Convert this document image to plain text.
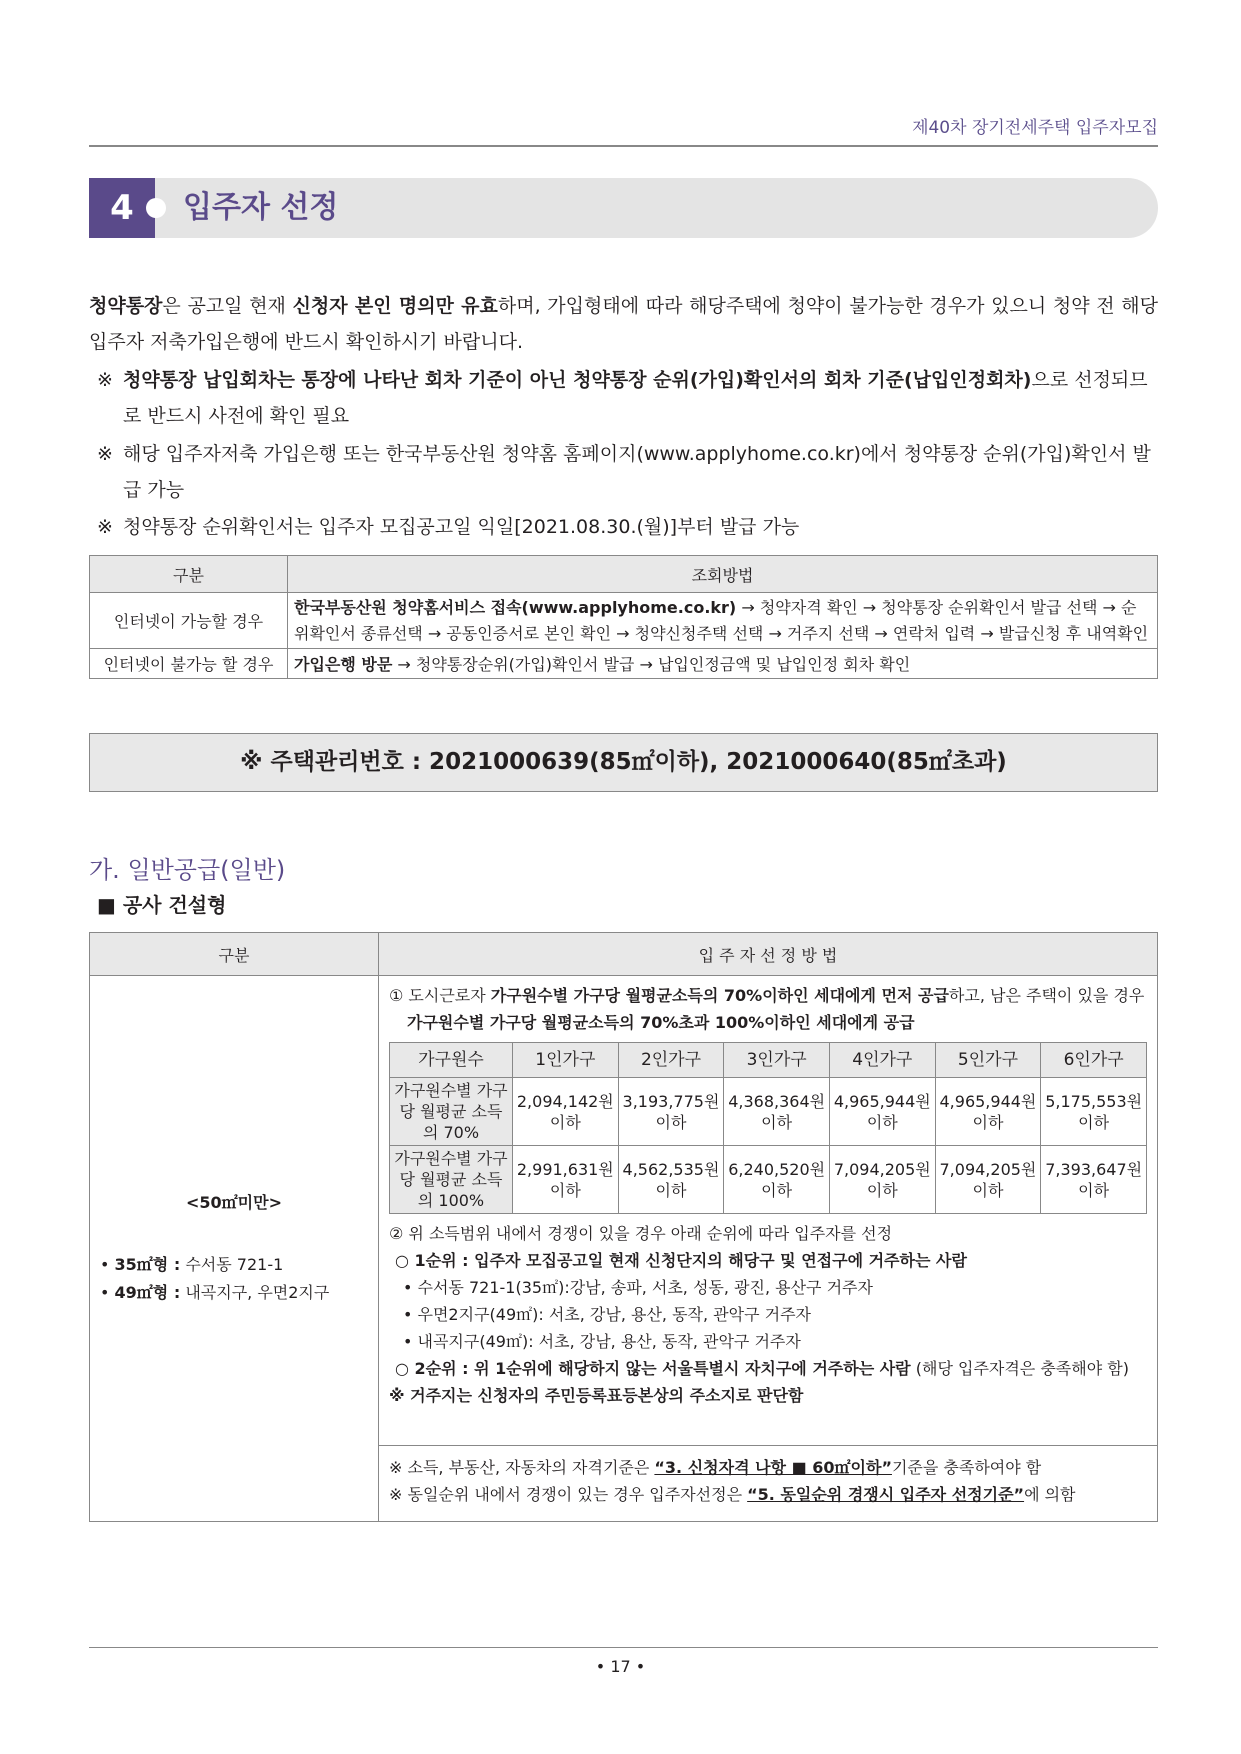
제40차 장기전세주택 입주자모집
4	입주자 선정
청약통장은 공고일 현재 신청자 본인 명의만 유효하며, 가입형태에 따라 해당주택에 청약이 불가능한 경우가 있으니 청약 전 해당 입주자 저축가입은행에 반드시 확인하시기 바랍니다.
※ 청약통장 납입회차는 통장에 나타난 회차 기준이 아닌 청약통장 순위(가입)확인서의 회차 기준(납입인정회차)으로 선정되므로 반드시 사전에 확인 필요
※ 해당 입주자저축 가입은행 또는 한국부동산원 청약홈 홈페이지(www.applyhome.co.kr)에서 청약통장 순위(가입)확인서 발급 가능
※ 청약통장 순위확인서는 입주자 모집공고일 익일[2021.08.30.(월)]부터 발급 가능
구분	조회방법
인터넷이 가능할 경우	한국부동산원 청약홈서비스 접속(www.applyhome.co.kr) → 청약자격 확인 → 청약통장 순위확인서 발급 선택 → 순위확인서 종류선택 → 공동인증서로 본인 확인 → 청약신청주택 선택 → 거주지 선택 → 연락처 입력 → 발급신청 후 내역확인
인터넷이 불가능 할 경우	가입은행 방문 → 청약통장순위(가입)확인서 발급 → 납입인정금액 및 납입인정 회차 확인
※ 주택관리번호 : 2021000639(85㎡이하), 2021000640(85㎡초과)
가. 일반공급(일반)
■ 공사 건설형
구분	입 주 자 선 정 방 법

<50㎡미만>
• 35㎡형 : 수서동 721-1
• 49㎡형 : 내곡지구, 우면2지구

① 도시근로자 가구원수별 가구당 월평균소득의 70%이하인 세대에게 먼저 공급하고, 남은 주택이 있을 경우
가구원수별 가구당 월평균소득의 70%초과 100%이하인 세대에게 공급
가구원수	1인가구	2인가구	3인가구	4인가구	5인가구	6인가구
가구원수별 가구당 월평균 소득의 70%	2,094,142원 이하	3,193,775원 이하	4,368,364원 이하	4,965,944원 이하	4,965,944원 이하	5,175,553원 이하
가구원수별 가구당 월평균 소득의 100%	2,991,631원 이하	4,562,535원 이하	6,240,520원 이하	7,094,205원 이하	7,094,205원 이하	7,393,647원 이하
② 위 소득범위 내에서 경쟁이 있을 경우 아래 순위에 따라 입주자를 선정
○ 1순위 : 입주자 모집공고일 현재 신청단지의 해당구 및 연접구에 거주하는 사람
• 수서동 721-1(35㎡):강남, 송파, 서초, 성동, 광진, 용산구 거주자
• 우면2지구(49㎡): 서초, 강남, 용산, 동작, 관악구 거주자
• 내곡지구(49㎡): 서초, 강남, 용산, 동작, 관악구 거주자
○ 2순위 : 위 1순위에 해당하지 않는 서울특별시 자치구에 거주하는 사람 (해당 입주자격은 충족해야 함)
※ 거주지는 신청자의 주민등록표등본상의 주소지로 판단함

※ 소득, 부동산, 자동차의 자격기준은 “3. 신청자격 나항 ■ 60㎡이하”기준을 충족하여야 함
※ 동일순위 내에서 경쟁이 있는 경우 입주자선정은 “5. 동일순위 경쟁시 입주자 선정기준”에 의함
• 17 •
